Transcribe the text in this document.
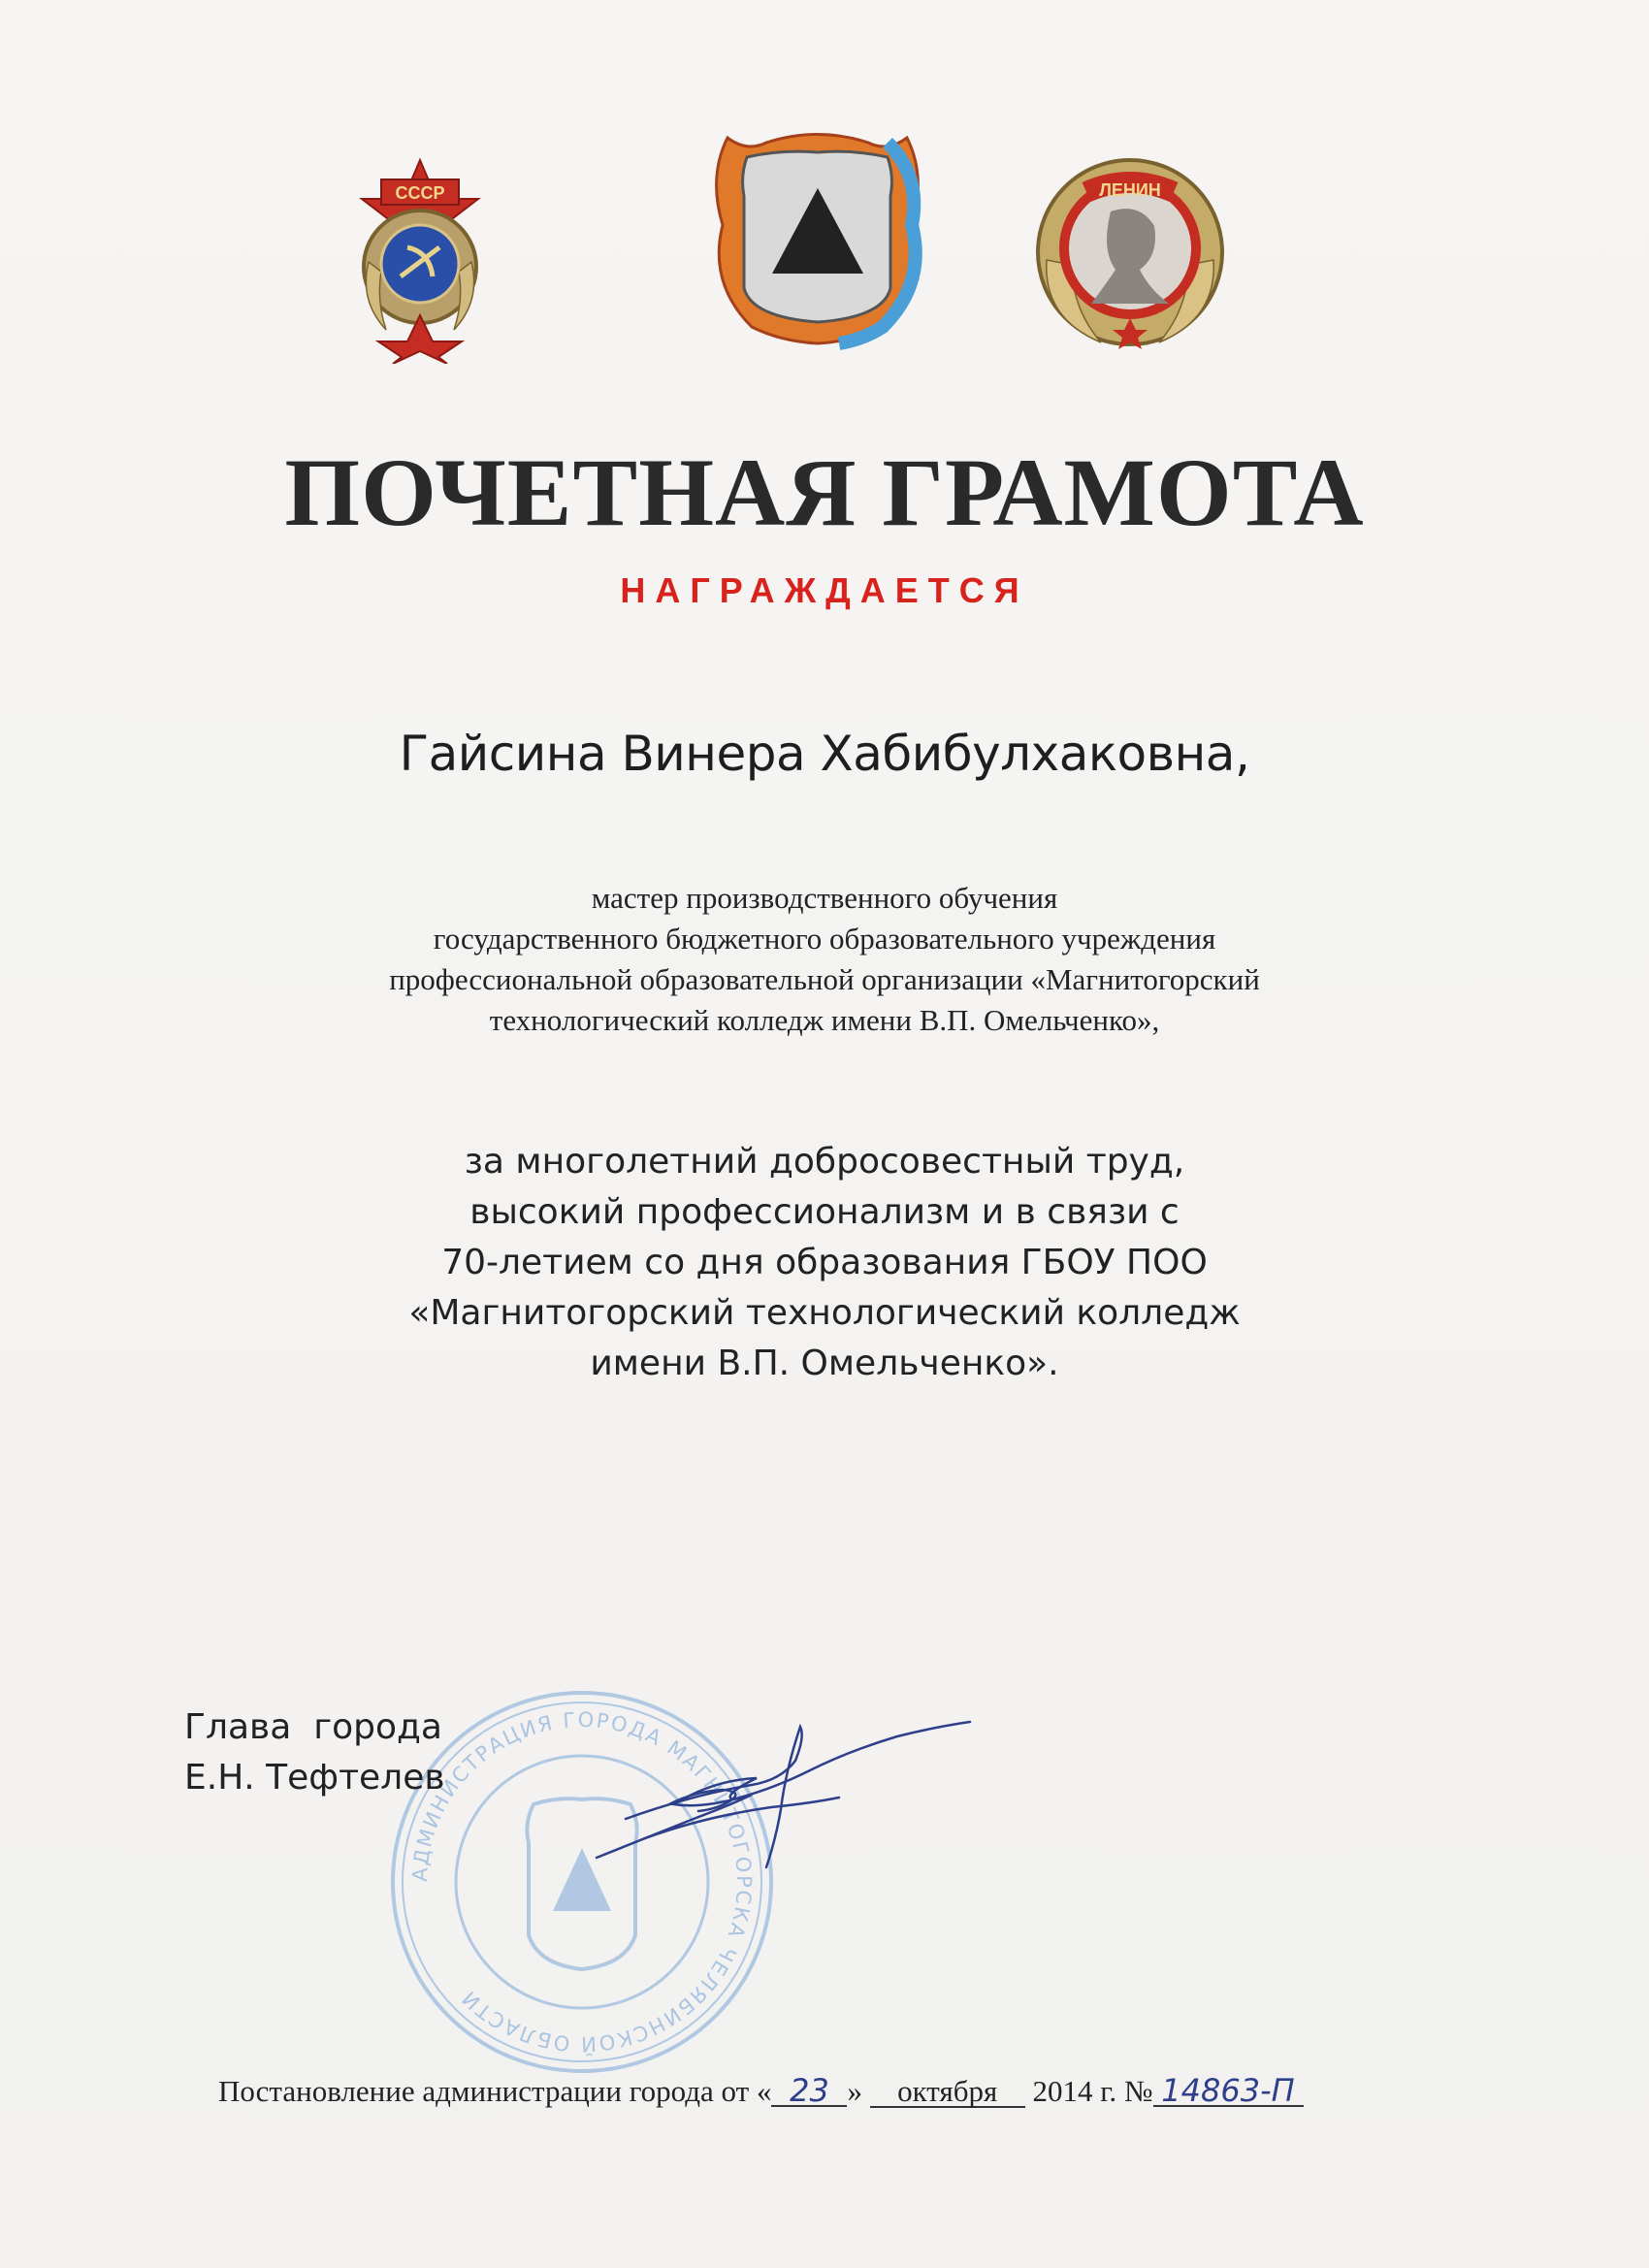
СССР	ЛЕНИН
ПОЧЕТНАЯ ГРАМОТА
НАГРАЖДАЕТСЯ
Гайсина Винера Хабибулхаковна,
мастер производственного обучения
государственного бюджетного образовательного учреждения
профессиональной образовательной организации «Магнитогорский
технологический колледж имени В.П. Омельченко»,
за многолетний добросовестный труд,
высокий профессионализм и в связи с
70-летием со дня образования ГБОУ ПОО
«Магнитогорский технологический колледж
имени В.П. Омельченко».
АДМИНИСТРАЦИЯ ГОРОДА МАГНИТОГОРСКА ЧЕЛЯБИНСКОЙ ОБЛАСТИ
Глава  города
Е.Н. Тефтелев
Постановление администрации города от « 23 » октября 2014 г. № 14863-П
